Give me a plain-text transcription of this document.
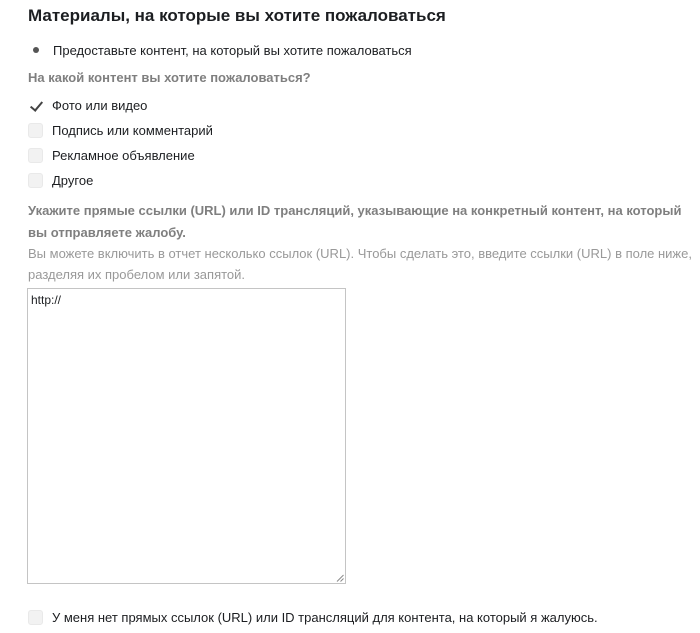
Материалы, на которые вы хотите пожаловаться
Предоставьте контент, на который вы хотите пожаловаться
На какой контент вы хотите пожаловаться?
Фото или видео
Подпись или комментарий
Рекламное объявление
Другое
Укажите прямые ссылки (URL) или ID трансляций, указывающие на конкретный контент, на который вы отправляете жалобу.
Вы можете включить в отчет несколько ссылок (URL). Чтобы сделать это, введите ссылки (URL) в поле ниже, разделяя их пробелом или запятой.
http://
У меня нет прямых ссылок (URL) или ID трансляций для контента, на который я жалуюсь.
